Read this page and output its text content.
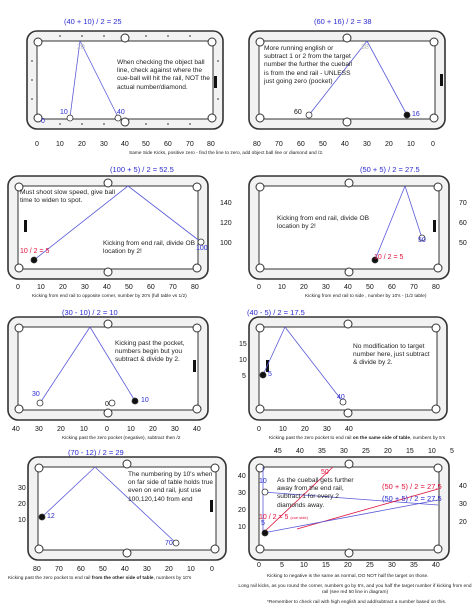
(40 + 10) / 2 = 25
0
10	40
20
When checking the object ball line, check against where the cue-ball will hit the rail, NOT the actual number/diamond.
0 10 20 30 40 50 60 70 80
Same Side Kicks, positive zero - find the line to zero, add object ball line or diamond and /2.
(60 + 16) / 2 = 38
60	16
38
More running english or subtract 1 or 2 from the target number the further the cueball is from the end rail - UNLESS just going zero (pocket)
80 70 60 50 40 30 20 10 0
(100 + 5) / 2 = 52.5
10 / 2 = 5	100
Must shoot slow speed, give ball time to widen to spot.
Kicking from end rail, divide OB location by 2!
140
120
100
0 10 20 30 40 50 60 70 80
Kicking from end rail to opposite corner, number by 20's (full table vs 1/2)
(50 + 5) / 2 = 27.5
10 / 2 = 5
50
Kicking from end rail, divide OB location by 2!
70
60
50
0 10 20 30 40 50 60 70 80
Kicking from end rail to side , number by 10's - (1/2 table)
(30 - 10) / 2 = 10
30
0
10
Kicking past the pocket, numbers begin but you subtract & divide by 2.
40 30 20 10 0	10 20 30 40
Kicking past the zero pocket (negative), subtract then /2
(40 - 5) / 2 = 17.5
5
40
No modification to target number here, just subtract & divide by 2.
15
10
5
0	10 20 30 40
Kicking past the zero pocket to end rail on the same side of table, numbers by 5's
(70 - 12) / 2 = 29
12
70
The numbering by 10's when on far side of table holds true even on end rail, just use 100,120,140 from end
30
20
10
80 70 60 50 40 30 20 10 0
Kicking past the zero pocket to end rail from the other side of table, numbers by 10's
45 40 35 30 25 20 15 10 5
50
10
5
(50 + 5) / 2 = 27.5
(50 + 5) / 2 = 27.5
10 / 2 = 5 (cue side)
As the cueball gets further away from the end rail, subtract 1 for every 2 diamonds away.
40
30
20
10
40
30
20
0	5 10 15 20 25 30 35 40
Kicking to negative is the same as normal, DO NOT half the target on those.
Long rail kicks, as you round the corner, numbers go by 5's, and you half the target number if kicking from end rail (see red 50 line in diagram)
*Remember to check rail with high english and add/subtract a number based on this.
